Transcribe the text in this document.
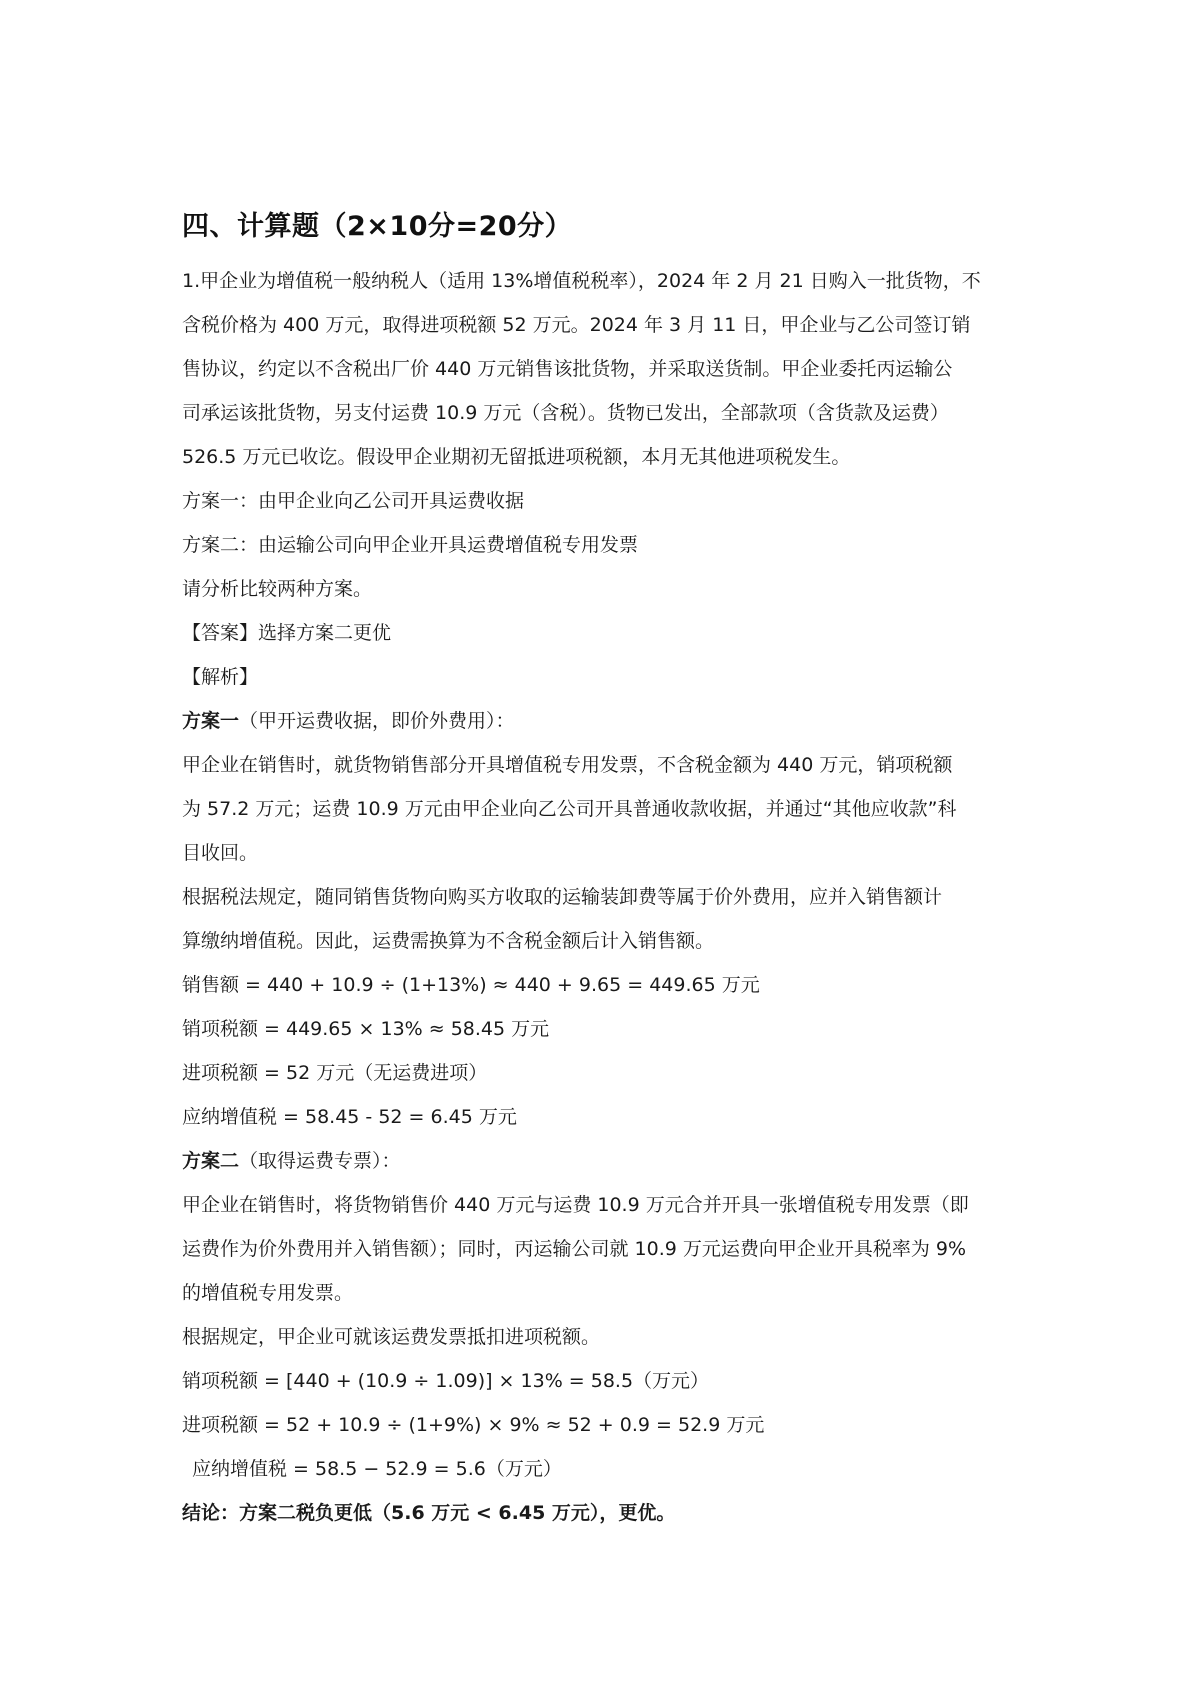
四、计算题（2×10分=20分）

1.甲企业为增值税一般纳税人（适用 13%增值税税率），2024 年 2 月 21 日购入一批货物，不

含税价格为 400 万元，取得进项税额 52 万元。2024 年 3 月 11 日，甲企业与乙公司签订销

售协议，约定以不含税出厂价 440 万元销售该批货物，并采取送货制。甲企业委托丙运输公

司承运该批货物，另支付运费 10.9 万元（含税）。货物已发出，全部款项（含货款及运费）

526.5 万元已收讫。假设甲企业期初无留抵进项税额，本月无其他进项税发生。

方案一：由甲企业向乙公司开具运费收据

方案二：由运输公司向甲企业开具运费增值税专用发票

请分析比较两种方案。

【答案】选择方案二更优

【解析】

方案一（甲开运费收据，即价外费用）：

甲企业在销售时，就货物销售部分开具增值税专用发票，不含税金额为 440 万元，销项税额

为 57.2 万元；运费 10.9 万元由甲企业向乙公司开具普通收款收据，并通过“其他应收款”科

目收回。

根据税法规定，随同销售货物向购买方收取的运输装卸费等属于价外费用，应并入销售额计

算缴纳增值税。因此，运费需换算为不含税金额后计入销售额。

销售额 = 440 + 10.9 ÷ (1+13%) ≈ 440 + 9.65 = 449.65 万元

销项税额 = 449.65 × 13% ≈ 58.45 万元

进项税额 = 52 万元（无运费进项）

应纳增值税 = 58.45 - 52 = 6.45 万元

方案二（取得运费专票）：

甲企业在销售时，将货物销售价 440 万元与运费 10.9 万元合并开具一张增值税专用发票（即

运费作为价外费用并入销售额）；同时，丙运输公司就 10.9 万元运费向甲企业开具税率为 9%

的增值税专用发票。

根据规定，甲企业可就该运费发票抵扣进项税额。

销项税额 = [440 + (10.9 ÷ 1.09)] × 13% = 58.5（万元）

进项税额 = 52 + 10.9 ÷ (1+9%) × 9% ≈ 52 + 0.9 = 52.9 万元

应纳增值税 = 58.5 − 52.9 = 5.6（万元）

结论：方案二税负更低（5.6 万元 < 6.45 万元），更优。
